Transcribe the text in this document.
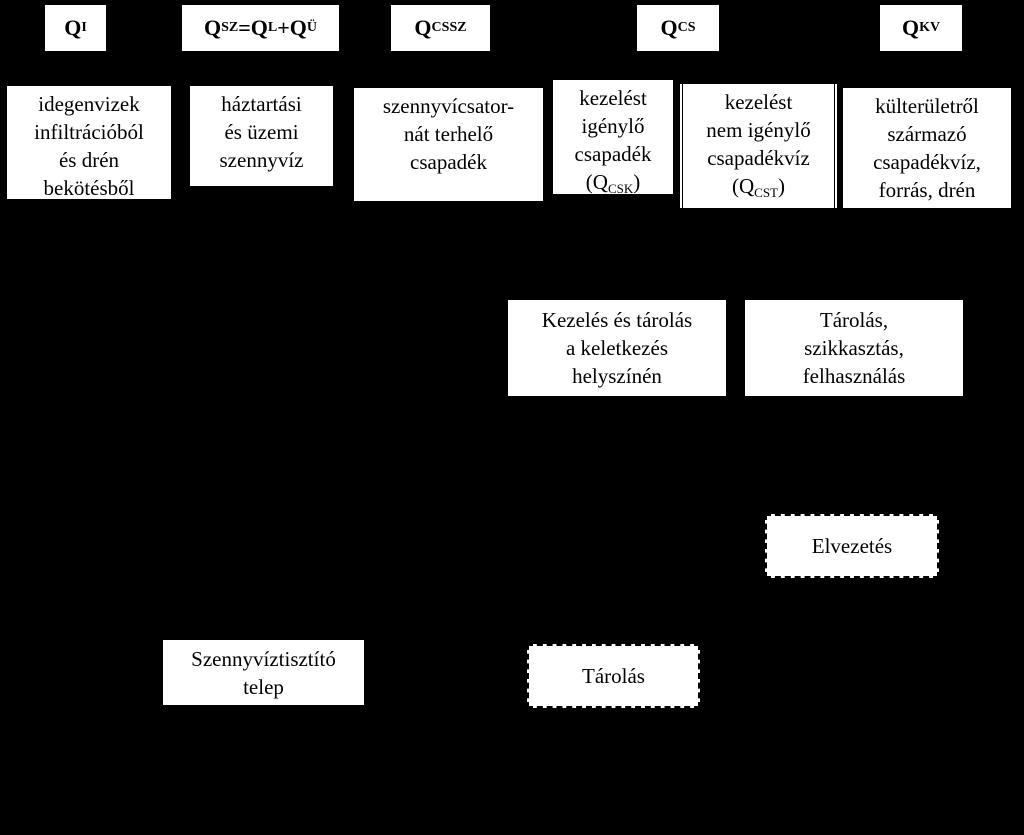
Q I	Q SZ =Q L +Q Ü	Q CSSZ	Q CS	Q KV
idegenvizek
infiltrációból
és drén
bekötésből
háztartási
és üzemi
szennyvíz
szennyvícsator-
nát terhelő
csapadék
kezelést
igénylő
csapadék
$(Q_{CSK})$
kezelést
nem igénylő
csapadékvíz
$(Q_{CST})$
külterületről
származó
csapadékvíz,
forrás, drén
Kezelés és tárolás
a keletkezés
helyszínén
Tárolás,
szikkasztás,
felhasználás
Elvezetés
Szennyvíztisztító
telep	Tárolás
